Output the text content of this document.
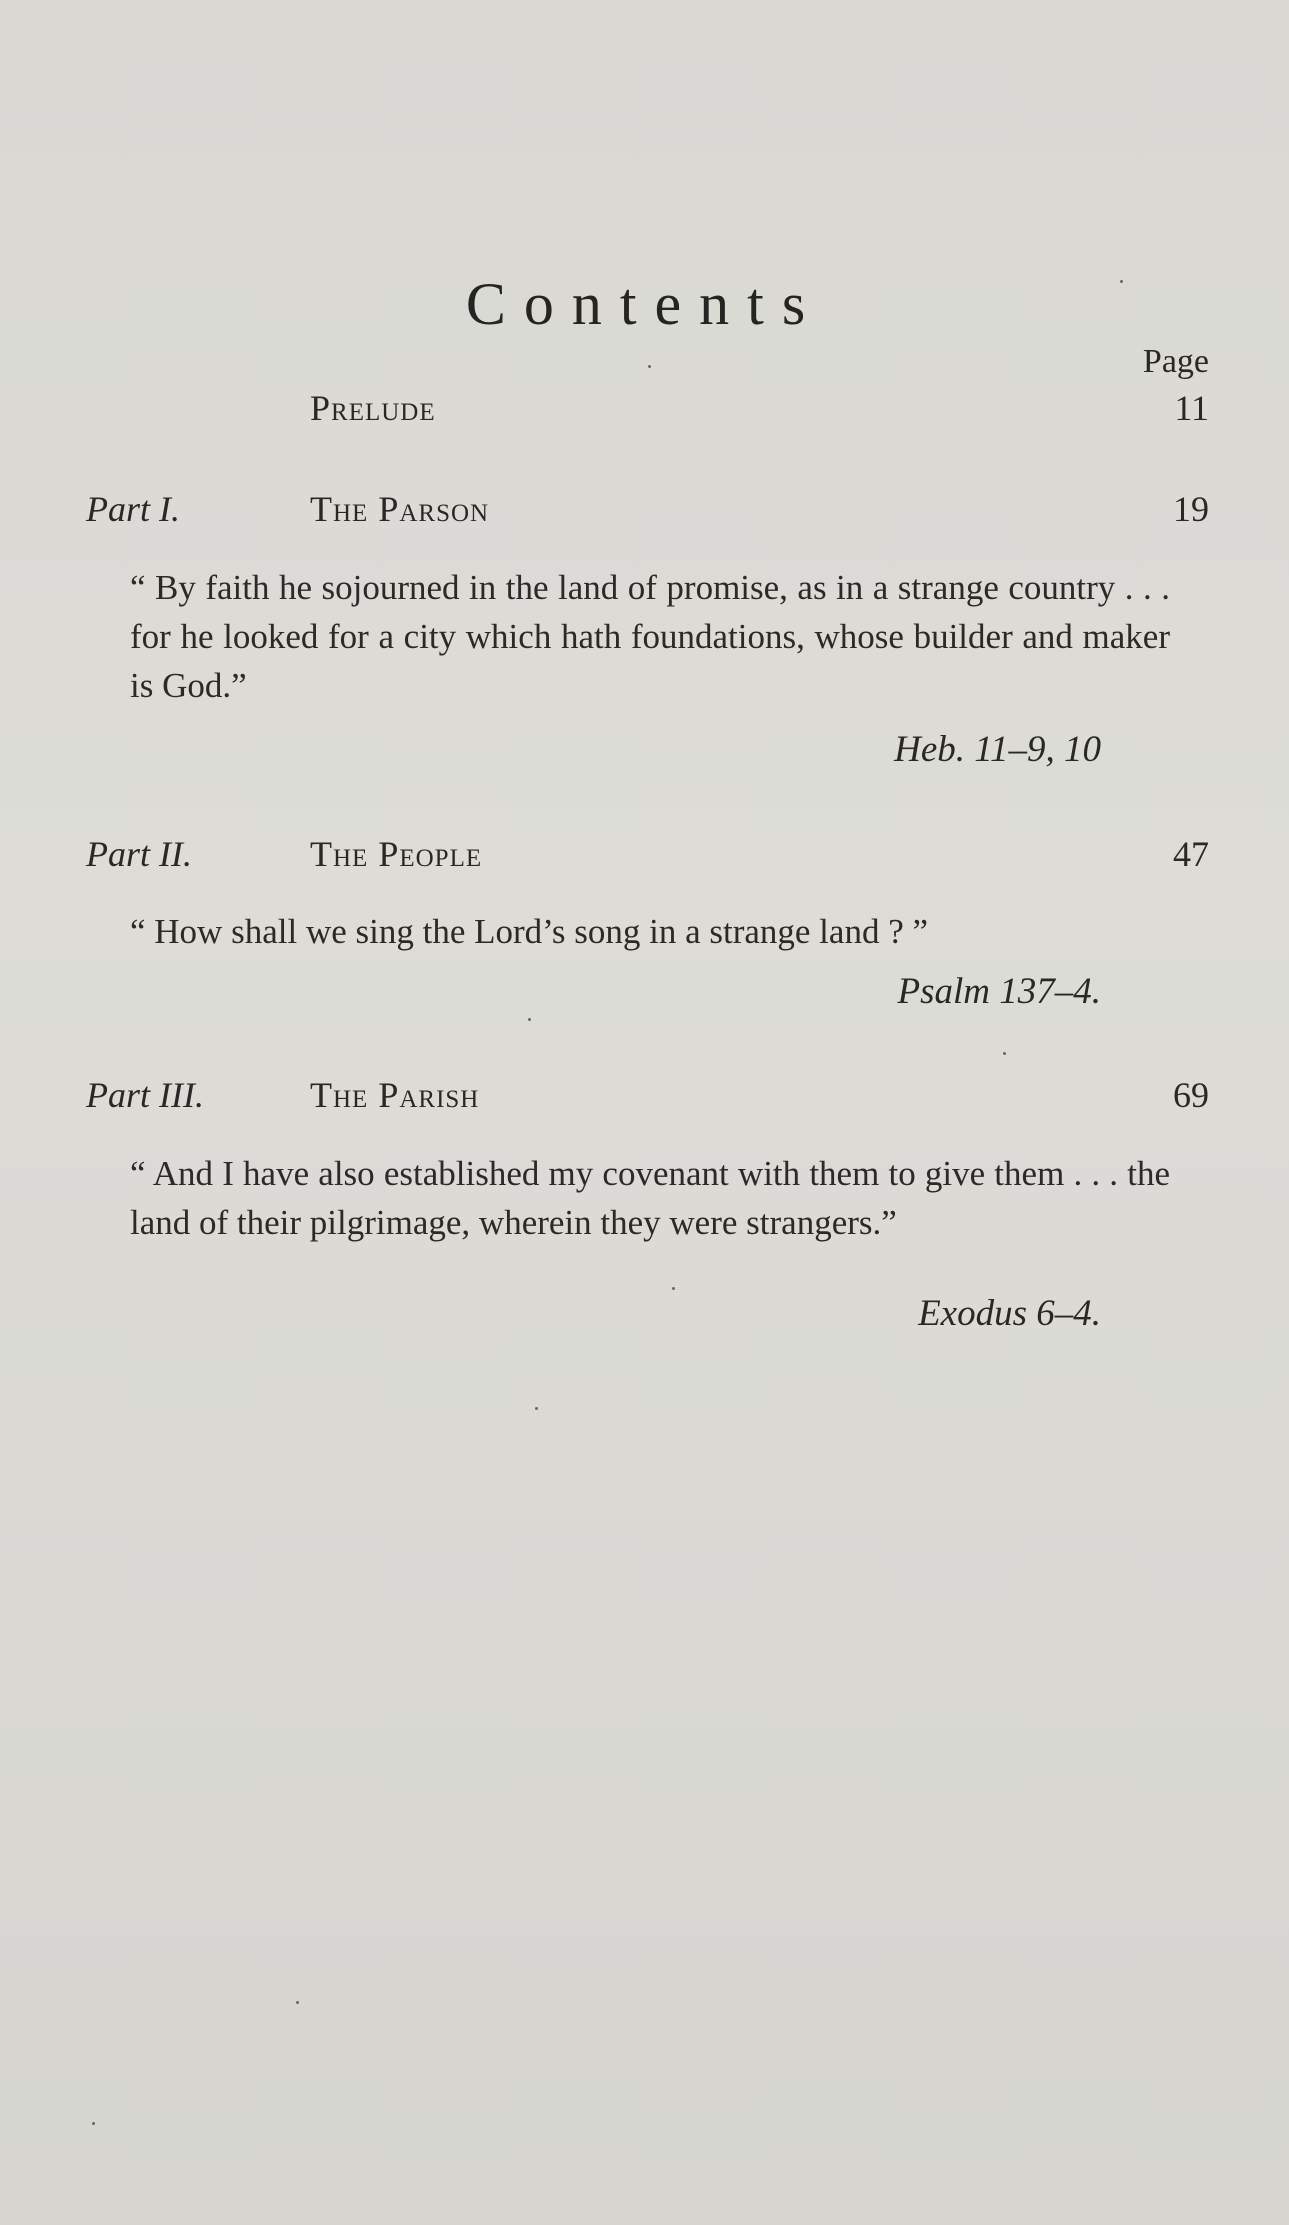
Contents
Page
Prelude	11
Part I.	The Parson	19
“ By faith he sojourned in the land of promise, as in a strange country . . . for he looked for a city which hath foundations, whose builder and maker is God.”
Heb. 11–9, 10
Part II.	The People	47
“ How shall we sing the Lord’s song in a strange land ? ”
Psalm 137–4.
Part III.	The Parish	69
“ And I have also established my covenant with them to give them . . . the land of their pilgrimage, wherein they were strangers.”
Exodus 6–4.
